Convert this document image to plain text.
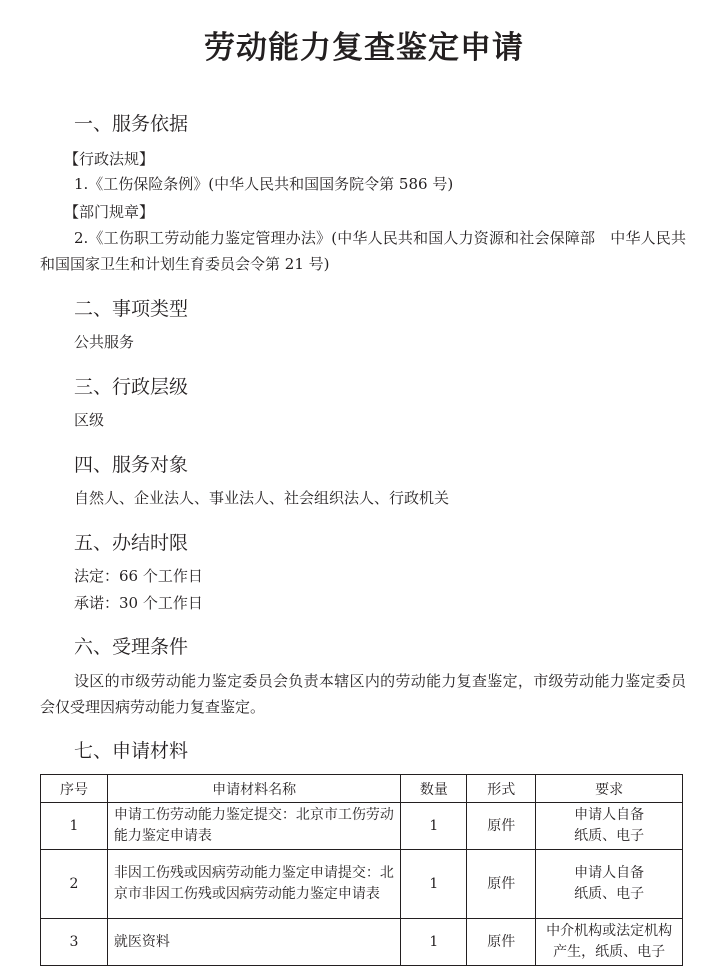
劳动能力复查鉴定申请
一、服务依据
【行政法规】
1.《工伤保险条例》(中华人民共和国国务院令第 586 号)
【部门规章】
2.《工伤职工劳动能力鉴定管理办法》(中华人民共和国人力资源和社会保障部　中华人民共和国国家卫生和计划生育委员会令第 21 号)
二、事项类型
公共服务
三、行政层级
区级
四、服务对象
自然人、企业法人、事业法人、社会组织法人、行政机关
五、办结时限
法定：66 个工作日
承诺：30 个工作日
六、受理条件
设区的市级劳动能力鉴定委员会负责本辖区内的劳动能力复查鉴定，市级劳动能力鉴定委员会仅受理因病劳动能力复查鉴定。
七、申请材料
序号	申请材料名称	数量	形式	要求
1	申请工伤劳动能力鉴定提交：北京市工伤劳动能力鉴定申请表	1	原件	申请人自备
纸质、电子

2	非因工伤残或因病劳动能力鉴定申请提交：北京市非因工伤残或因病劳动能力鉴定申请表	1	原件	申请人自备
纸质、电子

3	就医资料	1	原件	中介机构或法定机构
产生，纸质、电子
